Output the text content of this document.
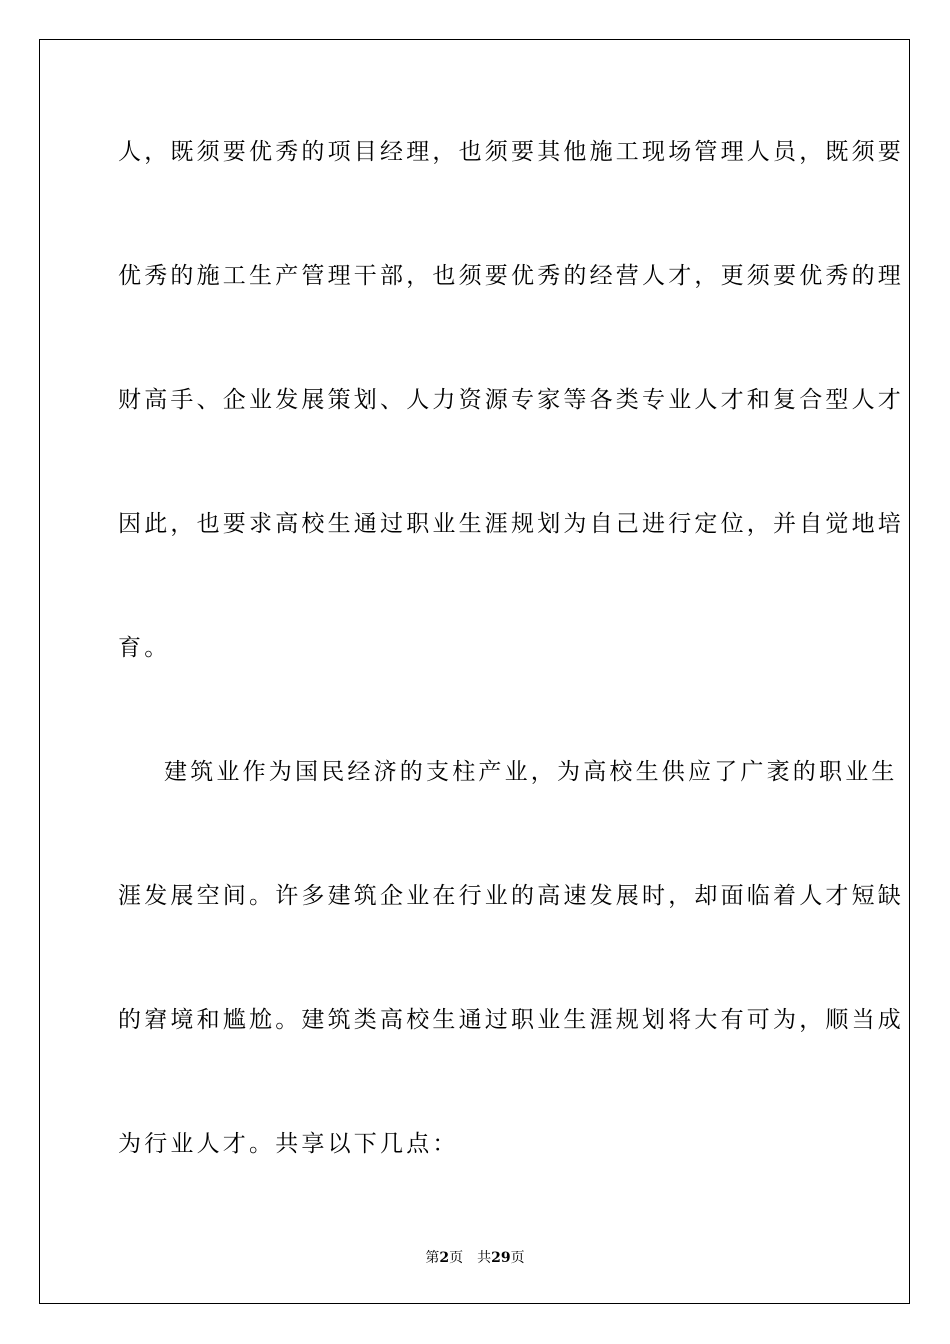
人，既须要优秀的项目经理，也须要其他施工现场管理人员，既须要
优秀的施工生产管理干部，也须要优秀的经营人才，更须要优秀的理
财高手、企业发展策划、人力资源专家等各类专业人才和复合型人才
因此，也要求高校生通过职业生涯规划为自己进行定位，并自觉地培
育。
建筑业作为国民经济的支柱产业，为高校生供应了广袤的职业生
涯发展空间。许多建筑企业在行业的高速发展时，却面临着人才短缺
的窘境和尴尬。建筑类高校生通过职业生涯规划将大有可为，顺当成
为行业人才。共享以下几点：
第2页 共29页
